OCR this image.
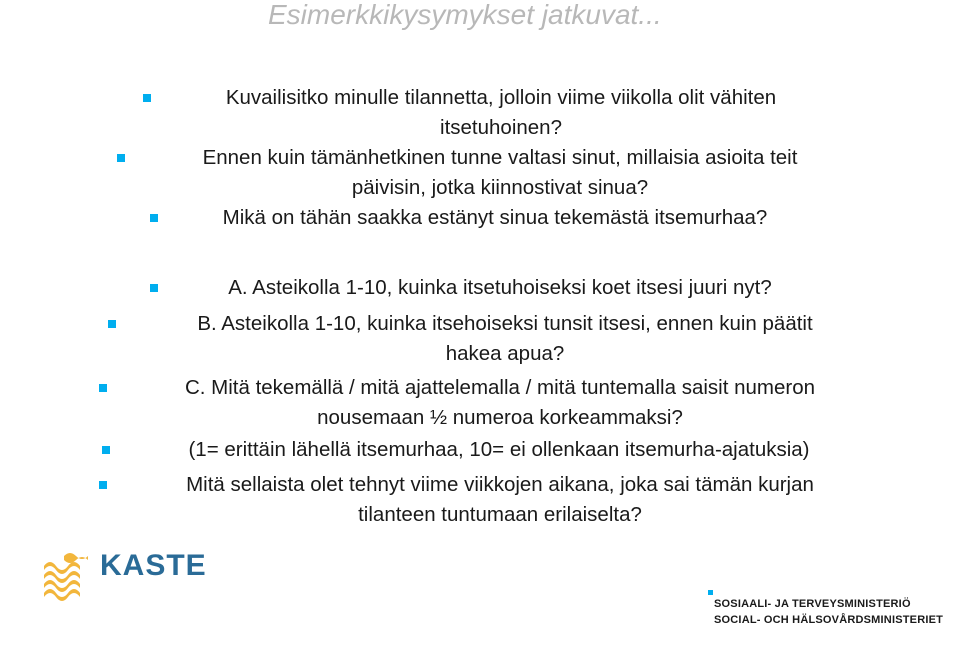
Esimerkkikysymykset jatkuvat...
Kuvailisitko minulle tilannetta, jolloin viime viikolla olit vähiten
itsetuhoinen?
Ennen kuin tämänhetkinen tunne valtasi sinut, millaisia asioita teit
päivisin, jotka kiinnostivat sinua?
Mikä on tähän saakka estänyt sinua tekemästä itsemurhaa?
A. Asteikolla 1-10, kuinka itsetuhoiseksi koet itsesi juuri nyt?
B. Asteikolla 1-10, kuinka itsehoiseksi tunsit itsesi, ennen kuin päätit
hakea apua?
C. Mitä tekemällä / mitä ajattelemalla / mitä tuntemalla saisit numeron
nousemaan ½ numeroa korkeammaksi?
(1= erittäin lähellä itsemurhaa, 10= ei ollenkaan itsemurha-ajatuksia)
Mitä sellaista olet tehnyt viime viikkojen aikana, joka sai tämän kurjan
tilanteen tuntumaan erilaiselta?
KASTE
SOSIAALI- JA TERVEYSMINISTERIÖ
SOCIAL- OCH HÄLSOVÅRDSMINISTERIET
